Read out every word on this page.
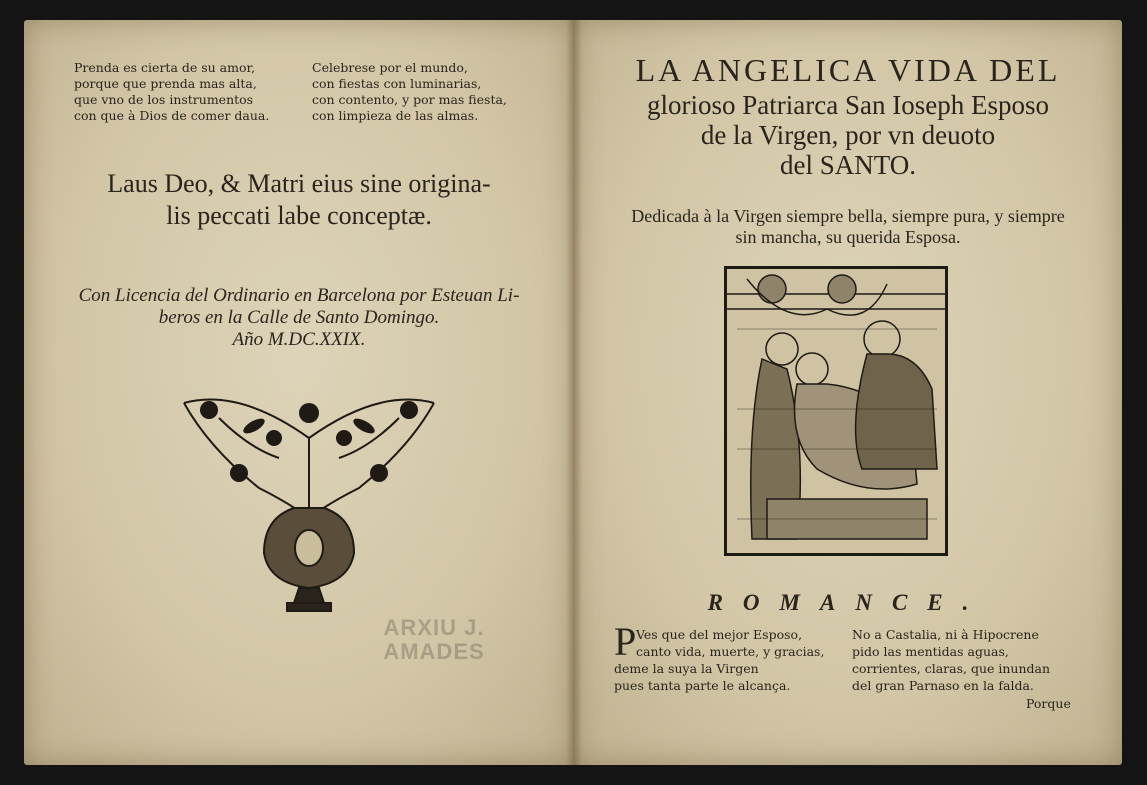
Prenda es cierta de su amor,
porque que prenda mas alta,
que vno de los instrumentos
con que à Dios de comer daua.
Celebrese por el mundo,
con fiestas con luminarias,
con contento, y por mas fiesta,
con limpieza de las almas.
Laus Deo, & Matri eius sine origina-
lis peccati labe conceptæ.
Con Licencia del Ordinario en Barcelona por Esteuan Li-
beros en la Calle de Santo Domingo.
Año M.DC.XXIX.
ARXIU J.
AMADES
LA ANGELICA VIDA DEL
glorioso Patriarca San Ioseph Esposo
de la Virgen, por vn deuoto
del SANTO.
Dedicada à la Virgen siempre bella, siempre pura, y siempre
sin mancha, su querida Esposa.
ROMANCE.
P Ves que del mejor Esposo,
canto vida, muerte, y gracias,
deme la suya la Virgen
pues tanta parte le alcança.
No a Castalia, ni à Hipocrene
pido las mentidas aguas,
corrientes, claras, que inundan
del gran Parnaso en la falda.
Porque
